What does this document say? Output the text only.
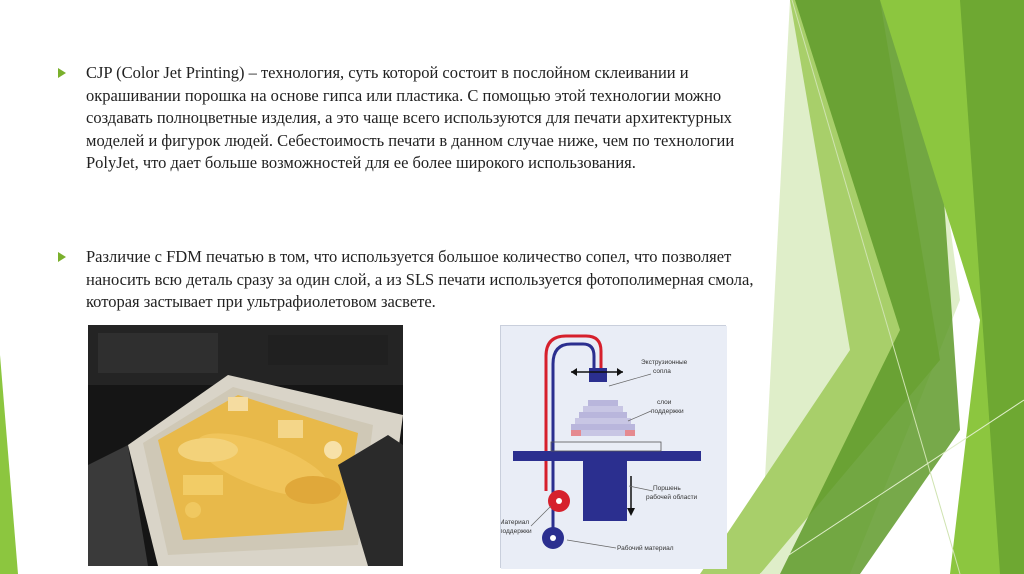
CJP (Color Jet Printing) – технология, суть которой состоит в послойном склеивании и окрашивании порошка на основе гипса или пластика. С помощью этой технологии можно создавать полноцветные изделия, а это чаще всего используются для печати архитектурных моделей и фигурок людей. Себестоимость печати в данном случае ниже, чем по технологии PolyJet, что дает больше возможностей для ее более широкого использования.
Различие с FDM печатью в том, что используется большое количество сопел, что позволяет наносить всю деталь сразу за один слой, а из SLS печати используется фотополимерная смола, которая застывает при ультрафиолетовом засвете.
Экструзионные
сопла
слои
поддержки
Поршень
рабочей области
Материал
поддержки
Рабочий материал
